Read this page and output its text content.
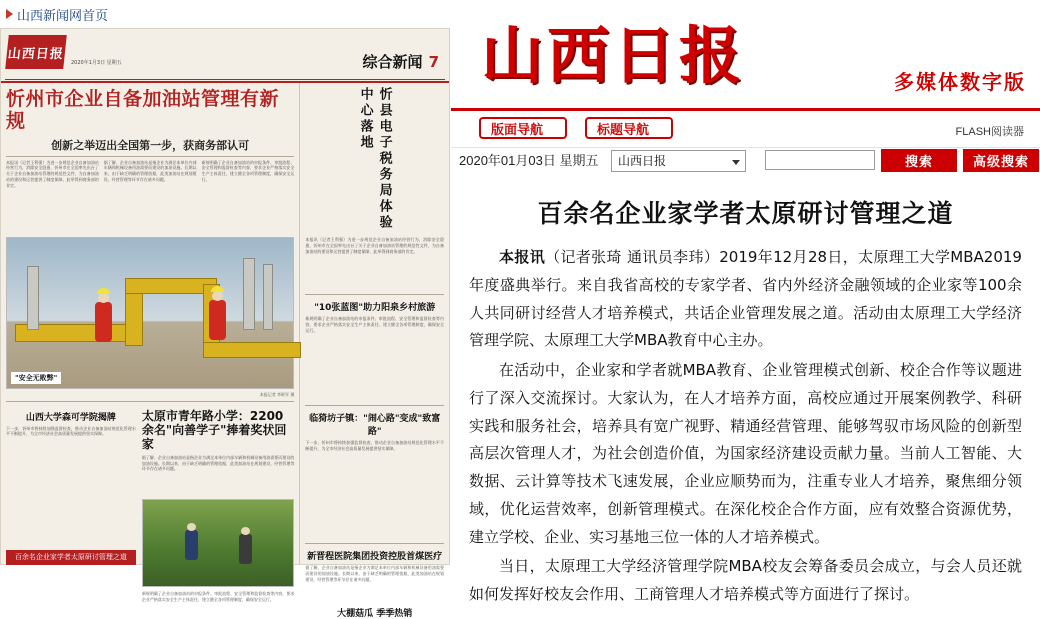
山西新闻网首页
山西日报
2020年1月3日 星期五	综合新闻 7
忻州市企业自备加油站管理有新规
创新之举迈出全国第一步，获商务部认可
本报讯（记者王利强）为进一步规范企业自备加油站经营行为，消除安全隐患，忻州市在全国率先出台了关于企业自备加油站管理的规范性文件，为自备加油站的建设和运营提供了制度保障，此举得到商务部的肯定。
据了解，企业自备加油站是指企业为满足本单位内部车辆和机械设备用油需要而建设的加油设施。长期以来，由于缺乏明确的管理依据，此类加油站在规划建设、经营管理等环节存在诸多问题。
新规明确了企业自备加油站的申报条件、审批流程、安全管理和监督检查等内容，要求企业严格落实安全生产主体责任，建立健全各项管理制度，确保安全运行。
"安全无败弊"
本报记者 李联军 摄
山西大学森可学院揭牌
下一步，忻州市将持续加强监督检查，推动企业自备加油站规范化管理水平不断提升，为全市经济社会高质量发展提供坚实保障。
百余名企业家学者太原研讨管理之道
太原市青年路小学：2200余名"向善学子"捧着奖状回家
据了解，企业自备加油站是指企业为满足本单位内部车辆和机械设备用油需要而建设的加油设施。长期以来，由于缺乏明确的管理依据，此类加油站在规划建设、经营管理等环节存在诸多问题。
新规明确了企业自备加油站的申报条件、审批流程、安全管理和监督检查等内容，要求企业严格落实安全生产主体责任，建立健全各项管理制度，确保安全运行。
忻县电子税务局体验中心落地
本报讯（记者王利强）为进一步规范企业自备加油站经营行为，消除安全隐患，忻州市在全国率先出台了关于企业自备加油站管理的规范性文件，为自备加油站的建设和运营提供了制度保障，此举得到商务部的肯定。
"10张蓝图"助力阳泉乡村旅游
新规明确了企业自备加油站的申报条件、审批流程、安全管理和监督检查等内容，要求企业严格落实安全生产主体责任，建立健全各项管理制度，确保安全运行。
临猗坊子镇："闹心路"变成"致富路"
下一步，忻州市将持续加强监督检查，推动企业自备加油站规范化管理水平不断提升，为全市经济社会高质量发展提供坚实保障。
新晋程医院集团投资控股首煤医疗
据了解，企业自备加油站是指企业为满足本单位内部车辆和机械设备用油需要而建设的加油设施。长期以来，由于缺乏明确的管理依据，此类加油站在规划建设、经营管理等环节存在诸多问题。
大棚菇瓜 季季热销
山西日报	多媒体数字版
版面导航	标题导航	FLASH阅读器
2020年01月03日 星期五	山西日报	搜索	高级搜索
百余名企业家学者太原研讨管理之道

本报讯（记者张琦 通讯员李玮）2019年12月28日，太原理工大学MBA2019年度盛典举行。来自我省高校的专家学者、省内外经济金融领域的企业家等100余人共同研讨经营人才培养模式，共话企业管理发展之道。活动由太原理工大学经济管理学院、太原理工大学MBA教育中心主办。

在活动中，企业家和学者就MBA教育、企业管理模式创新、校企合作等议题进行了深入交流探讨。大家认为，在人才培养方面，高校应通过开展案例教学、科研实践和服务社会，培养具有宽广视野、精通经营管理、能够驾驭市场风险的创新型高层次管理人才，为社会创造价值，为国家经济建设贡献力量。当前人工智能、大数据、云计算等技术飞速发展，企业应顺势而为，注重专业人才培养，聚焦细分领域，优化运营效率，创新管理模式。在深化校企合作方面，应有效整合资源优势，建立学校、企业、实习基地三位一体的人才培养模式。

当日，太原理工大学经济管理学院MBA校友会筹备委员会成立，与会人员还就如何发挥好校友会作用、工商管理人才培养模式等方面进行了探讨。
